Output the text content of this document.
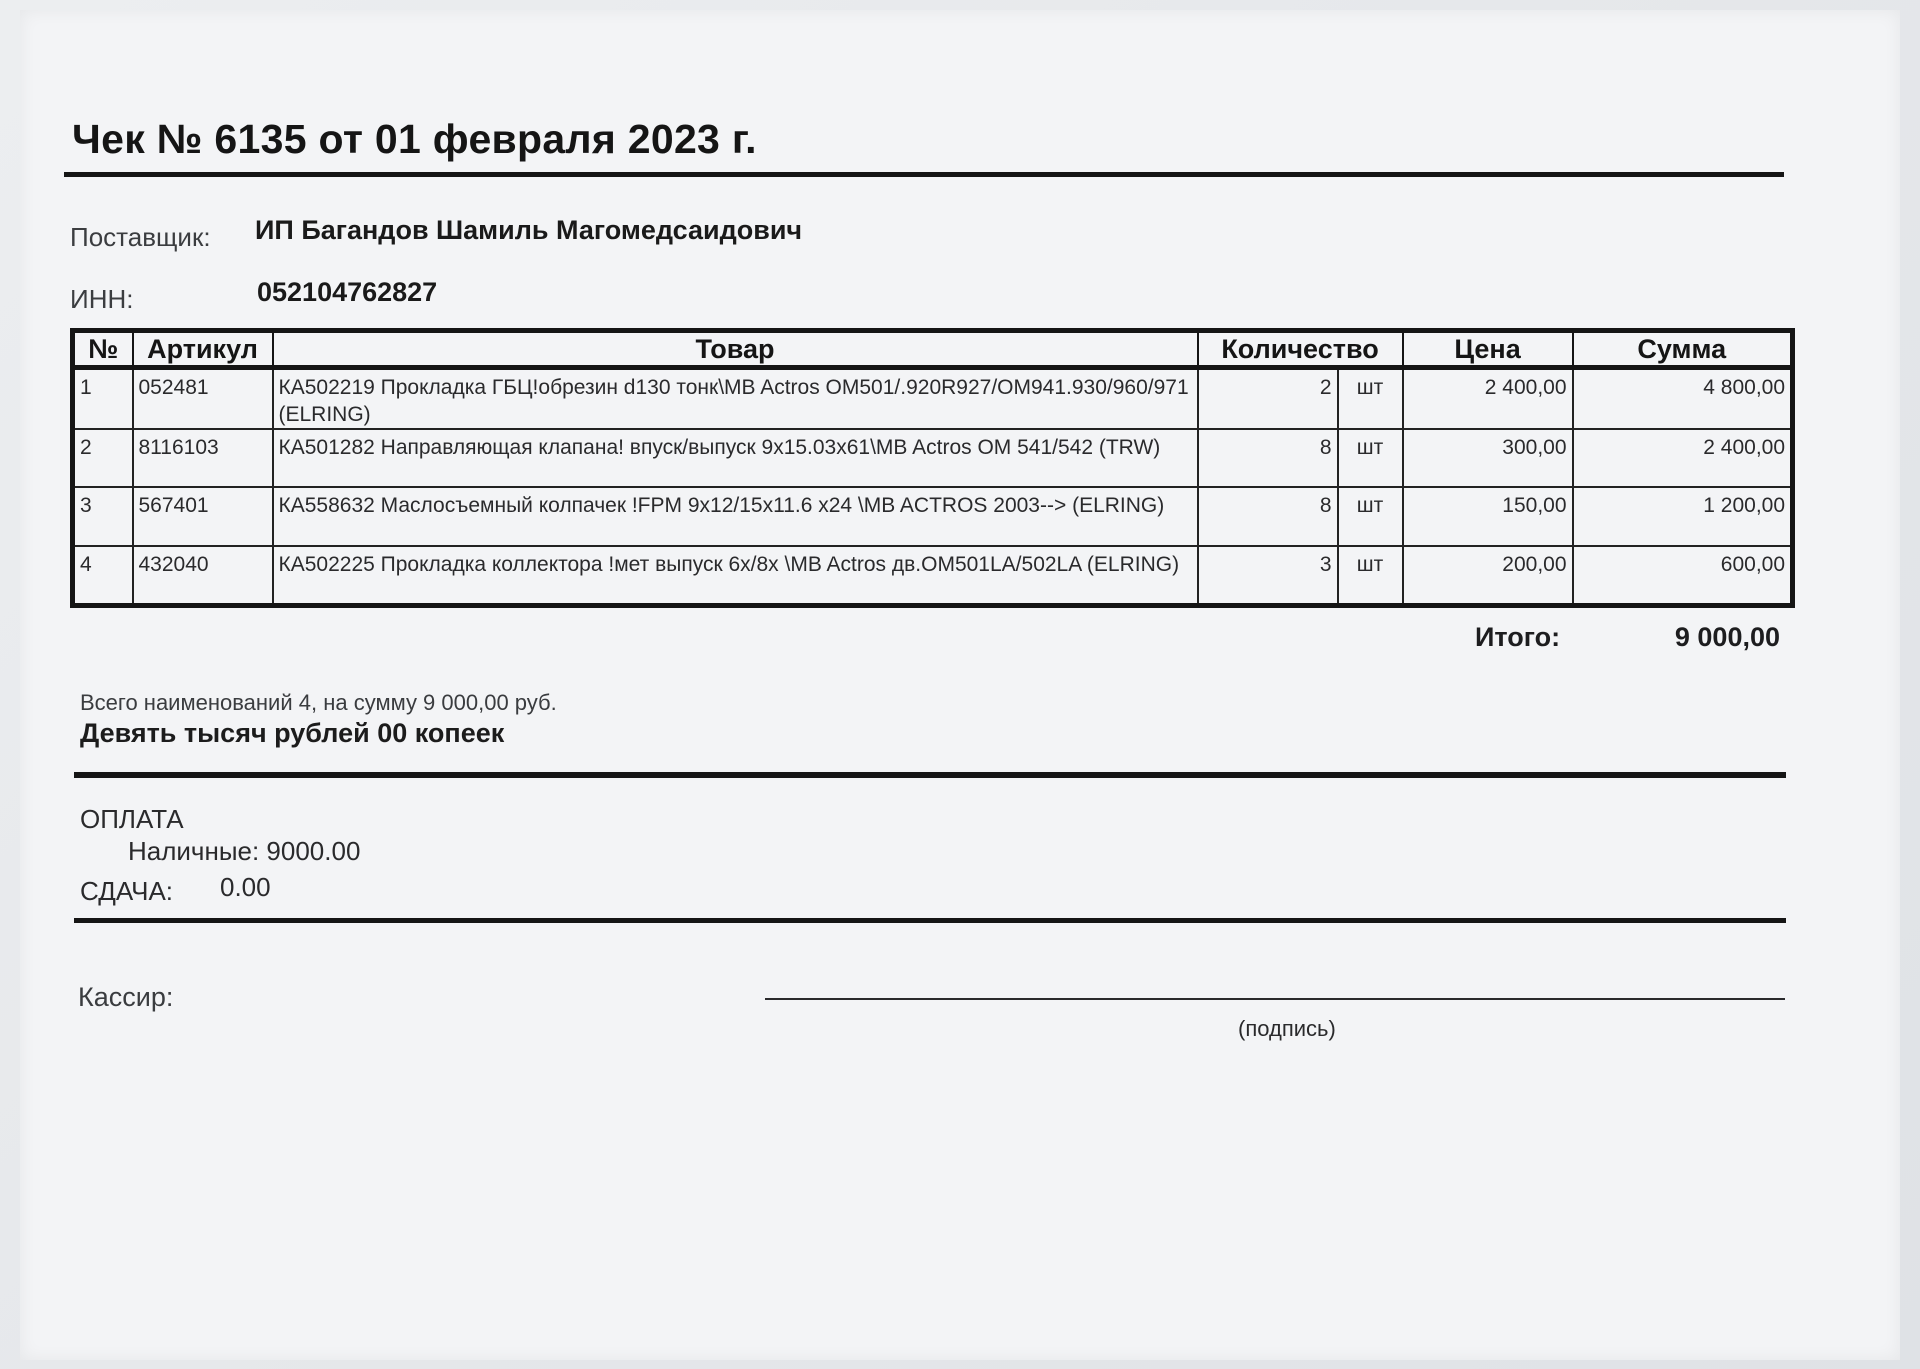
Чек № 6135 от 01 февраля 2023 г.
Поставщик: ИП Багандов Шамиль Магомедсаидович
ИНН:	052104762827
№	Артикул	Товар	Количество		Цена	Сумма
1	052481	КА502219 Прокладка ГБЦ!обрезин d130 тонк\MB Actros OM501/.920R927/OM941.930/960/971 (ELRING)	2	шт	2 400,00	4 800,00
2	8116103	КА501282 Направляющая клапана! впуск/выпуск 9x15.03x61\MB Actros OM 541/542 (TRW)	8	шт	300,00	2 400,00
3	567401	КА558632 Маслосъемный колпачек !FPM 9x12/15x11.6 x24 \MB ACTROS 2003--> (ELRING)	8	шт	150,00	1 200,00
4	432040	КА502225 Прокладка коллектора !мет выпуск 6x/8x \MB Actros дв.OM501LA/502LA (ELRING)	3	шт	200,00	600,00
Итого:	9 000,00
Всего наименований 4, на сумму 9 000,00 руб.
Девять тысяч рублей 00 копеек
ОПЛАТА
Наличные: 9000.00
СДАЧА: 0.00
Кассир:
(подпись)
